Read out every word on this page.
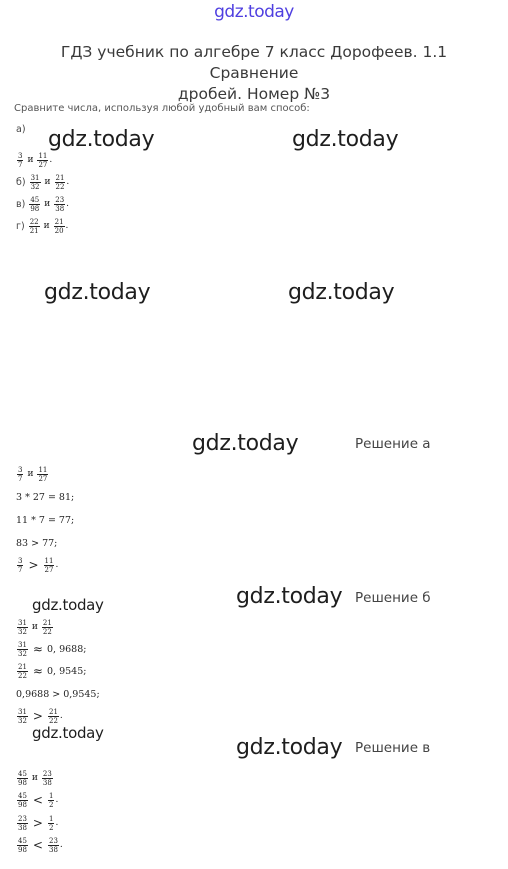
gdz.today
ГДЗ учебник по алгебре 7 класс Дорофеев. 1.1 Сравнение
дробей. Номер №3
Сравните числа, используя любой удобный вам способ:
а)
$\frac{3}{7}$ и $\frac{11}{27}$ .
$б) \frac{31}{32}$ и $\frac{21}{22}$ .
$в) \frac{45}{98}$ и $\frac{23}{38}$ .
$г) \frac{22}{21}$ и $\frac{21}{20}$ .
gdz.today	gdz.today
gdz.today	gdz.today
gdz.today
gdz.today
gdz.today
gdz.today
gdz.today
Решение а
$\frac{3}{7}$ и $\frac{11}{27}$
3 * 27 = 81;
11 * 7 = 77;
83 > 77;
$\frac{3}{7} > \frac{11}{27}$ .
Решение б
$\frac{31}{32}$ и $\frac{21}{22}$
$\frac{31}{32} \approx 0$, 9688;
$\frac{21}{22} \approx 0$, 9545;
0,9688 > 0,9545;
$\frac{31}{32} > \frac{21}{22}$ .
Решение в
$\frac{45}{98}$ и $\frac{23}{38}$
$\frac{45}{98} < \frac{1}{2}$ .
$\frac{23}{38} > \frac{1}{2}$ .
$\frac{45}{98} < \frac{23}{38}$ .
